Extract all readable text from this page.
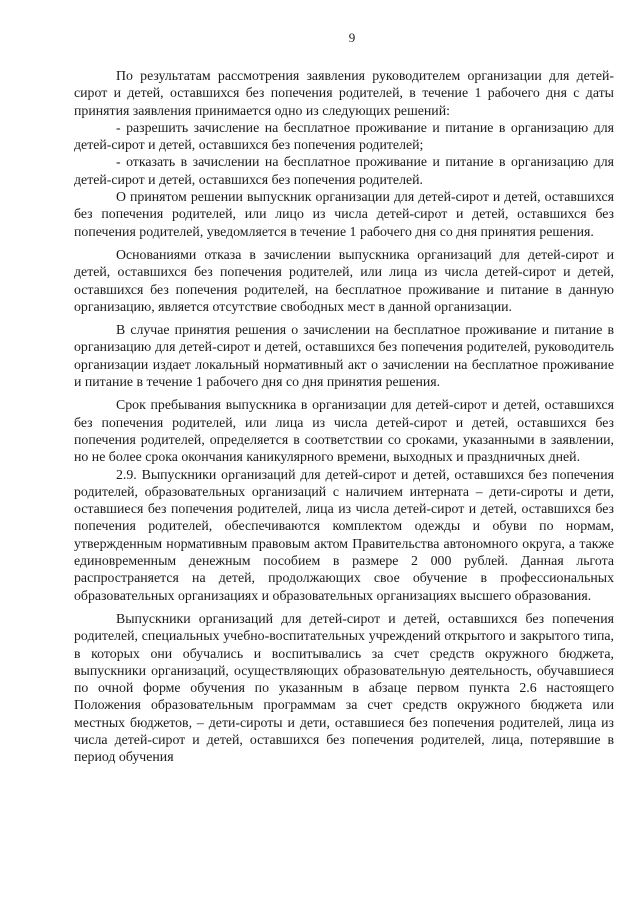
9

По результатам рассмотрения заявления руководителем организации для детей-сирот и детей, оставшихся без попечения родителей, в течение 1 рабочего дня с даты принятия заявления принимается одно из следующих решений:

- разрешить зачисление на бесплатное проживание и питание в организацию для детей-сирот и детей, оставшихся без попечения родителей;

- отказать в зачислении на бесплатное проживание и питание в организацию для детей-сирот и детей, оставшихся без попечения родителей.

О принятом решении выпускник организации для детей-сирот и детей, оставшихся без попечения родителей, или лицо из числа детей-сирот и детей, оставшихся без попечения родителей, уведомляется в течение 1 рабочего дня со дня принятия решения.

Основаниями отказа в зачислении выпускника организаций для детей-сирот и детей, оставшихся без попечения родителей, или лица из числа детей-сирот и детей, оставшихся без попечения родителей, на бесплатное проживание и питание в данную организацию, является отсутствие свободных мест в данной организации.

В случае принятия решения о зачислении на бесплатное проживание и питание в организацию для детей-сирот и детей, оставшихся без попечения родителей, руководитель организации издает локальный нормативный акт о зачислении на бесплатное проживание и питание в течение 1 рабочего дня со дня принятия решения.

Срок пребывания выпускника в организации для детей-сирот и детей, оставшихся без попечения родителей, или лица из числа детей-сирот и детей, оставшихся без попечения родителей, определяется в соответствии со сроками, указанными в заявлении, но не более срока окончания каникулярного времени, выходных и праздничных дней.

2.9. Выпускники организаций для детей-сирот и детей, оставшихся без попечения родителей, образовательных организаций с наличием интерната – дети-сироты и дети, оставшиеся без попечения родителей, лица из числа детей-сирот и детей, оставшихся без попечения родителей, обеспечиваются комплектом одежды и обуви по нормам, утвержденным нормативным правовым актом Правительства автономного округа, а также единовременным денежным пособием в размере 2 000 рублей. Данная льгота распространяется на детей, продолжающих свое обучение в профессиональных образовательных организациях и образовательных организациях высшего образования.

Выпускники организаций для детей-сирот и детей, оставшихся без попечения родителей, специальных учебно-воспитательных учреждений открытого и закрытого типа, в которых они обучались и воспитывались за счет средств окружного бюджета, выпускники организаций, осуществляющих образовательную деятельность, обучавшиеся по очной форме обучения по указанным в абзаце первом пункта 2.6 настоящего Положения образовательным программам за счет средств окружного бюджета или местных бюджетов, – дети-сироты и дети, оставшиеся без попечения родителей, лица из числа детей-сирот и детей, оставшихся без попечения родителей, лица, потерявшие в период обучения
